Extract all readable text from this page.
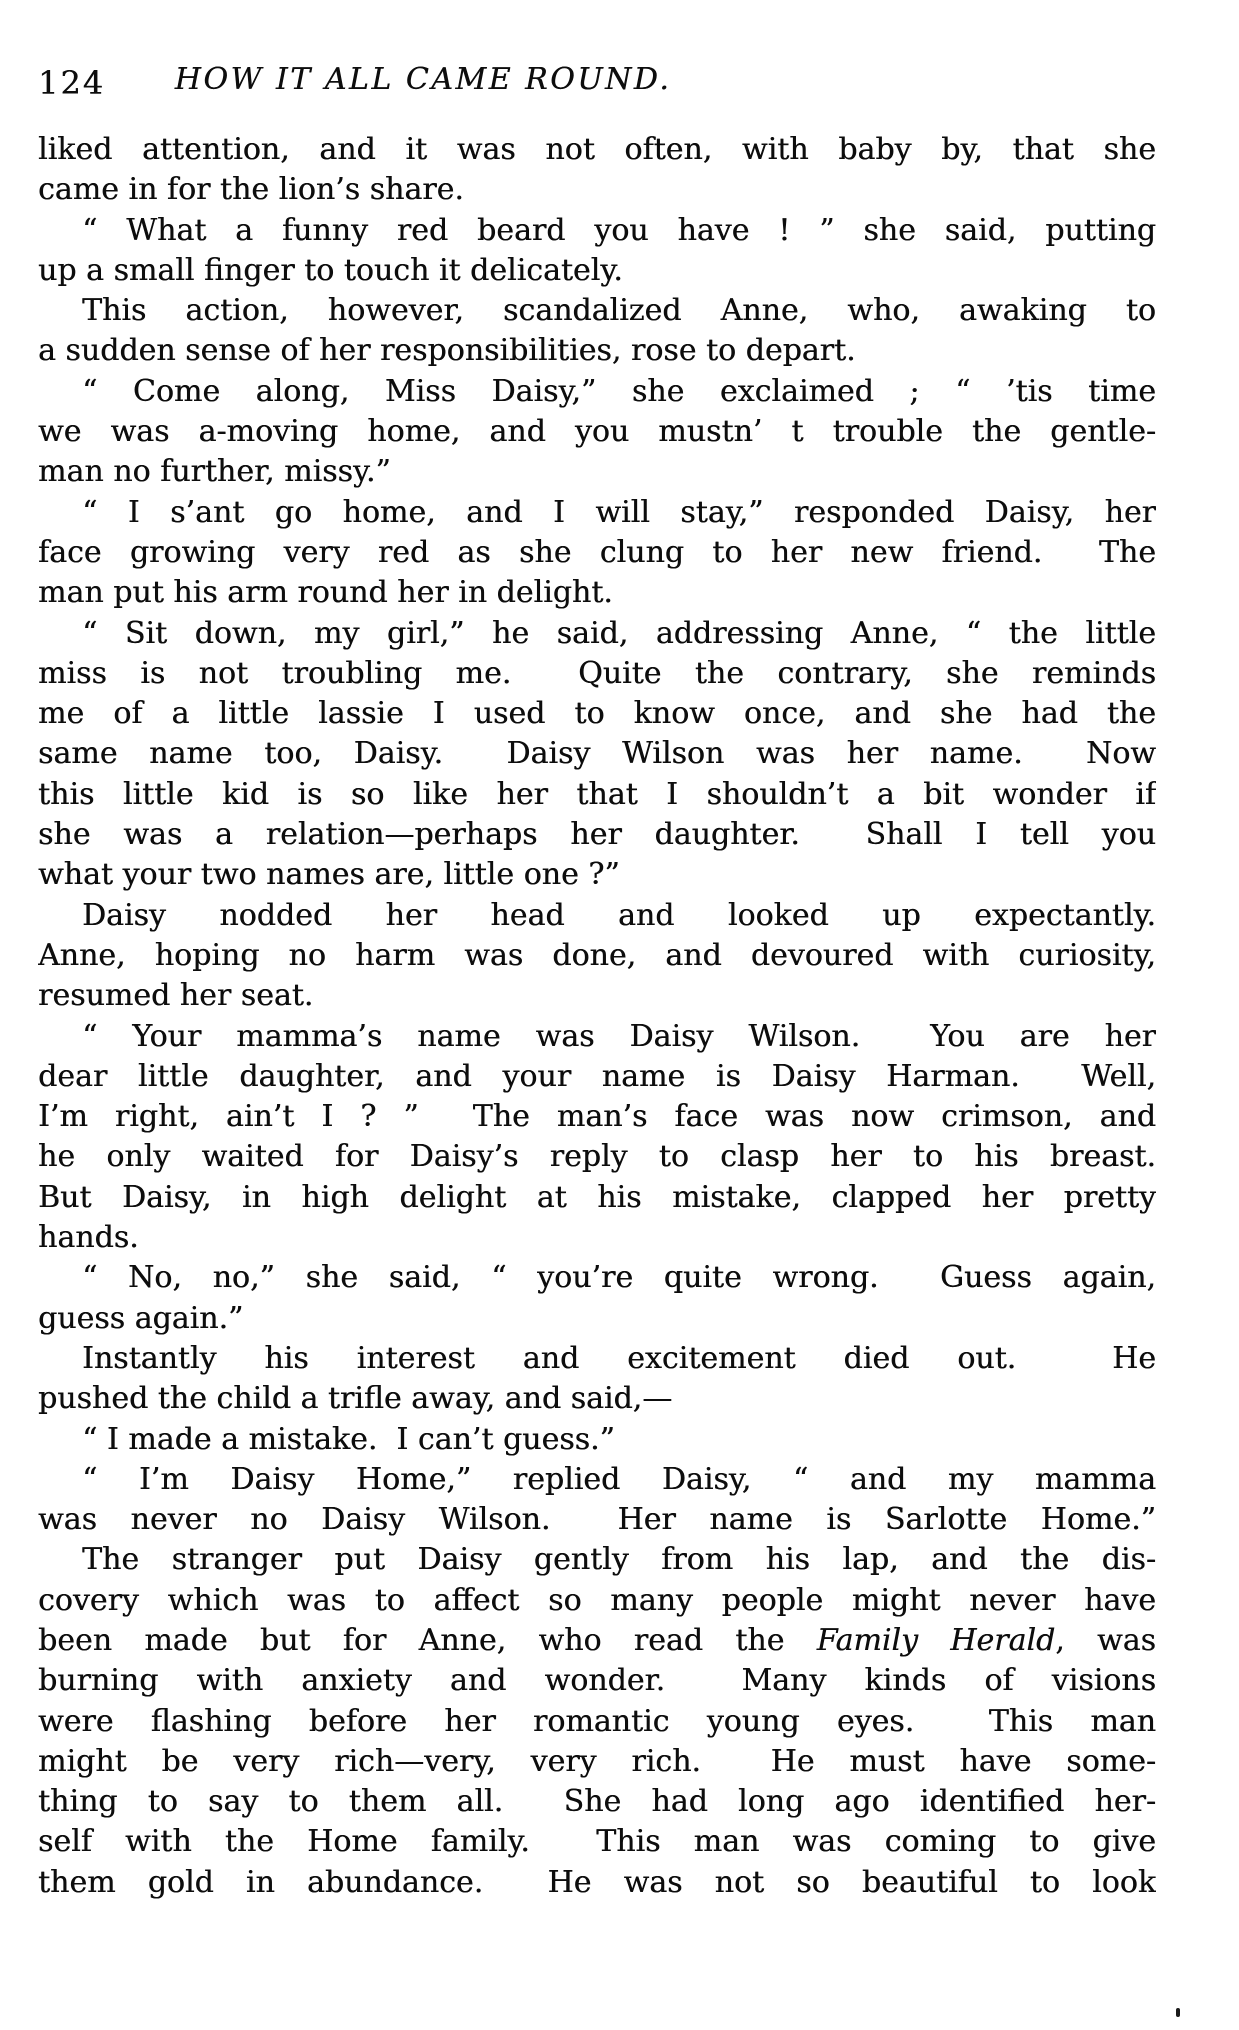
124	HOW IT ALL CAME ROUND.
liked attention, and it was not often, with baby by, that she
came in for the lion’s share.
“ What a funny red beard you have ! ” she said, putting
up a small finger to touch it delicately.
This action, however, scandalized Anne, who, awaking to
a sudden sense of her responsibilities, rose to depart.
“ Come along, Miss Daisy,” she exclaimed ; “ ’tis time
we was a-moving home, and you mustn’ t trouble the gentle-
man no further, missy.”
“ I s’ant go home, and I will stay,” responded Daisy, her
face growing very red as she clung to her new friend.  The
man put his arm round her in delight.
“ Sit down, my girl,” he said, addressing Anne, “ the little
miss is not troubling me.  Quite the contrary, she reminds
me of a little lassie I used to know once, and she had the
same name too, Daisy.  Daisy Wilson was her name.  Now
this little kid is so like her that I shouldn’t a bit wonder if
she was a relation—perhaps her daughter.  Shall I tell you
what your two names are, little one ?”
Daisy nodded her head and looked up expectantly.
Anne, hoping no harm was done, and devoured with curiosity,
resumed her seat.
“ Your mamma’s name was Daisy Wilson.  You are her
dear little daughter, and your name is Daisy Harman.  Well,
I’m right, ain’t I ? ”  The man’s face was now crimson, and
he only waited for Daisy’s reply to clasp her to his breast.
But Daisy, in high delight at his mistake, clapped her pretty
hands.
“ No, no,” she said, “ you’re quite wrong.  Guess again,
guess again.”
Instantly his interest and excitement died out.  He
pushed the child a trifle away, and said,—
“ I made a mistake.  I can’t guess.”
“ I’m Daisy Home,” replied Daisy, “ and my mamma
was never no Daisy Wilson.  Her name is Sarlotte Home.”
The stranger put Daisy gently from his lap, and the dis-
covery which was to affect so many people might never have
been made but for Anne, who read the Family Herald, was
burning with anxiety and wonder.  Many kinds of visions
were flashing before her romantic young eyes.  This man
might be very rich—very, very rich.  He must have some-
thing to say to them all.  She had long ago identified her-
self with the Home family.  This man was coming to give
them gold in abundance.  He was not so beautiful to look
